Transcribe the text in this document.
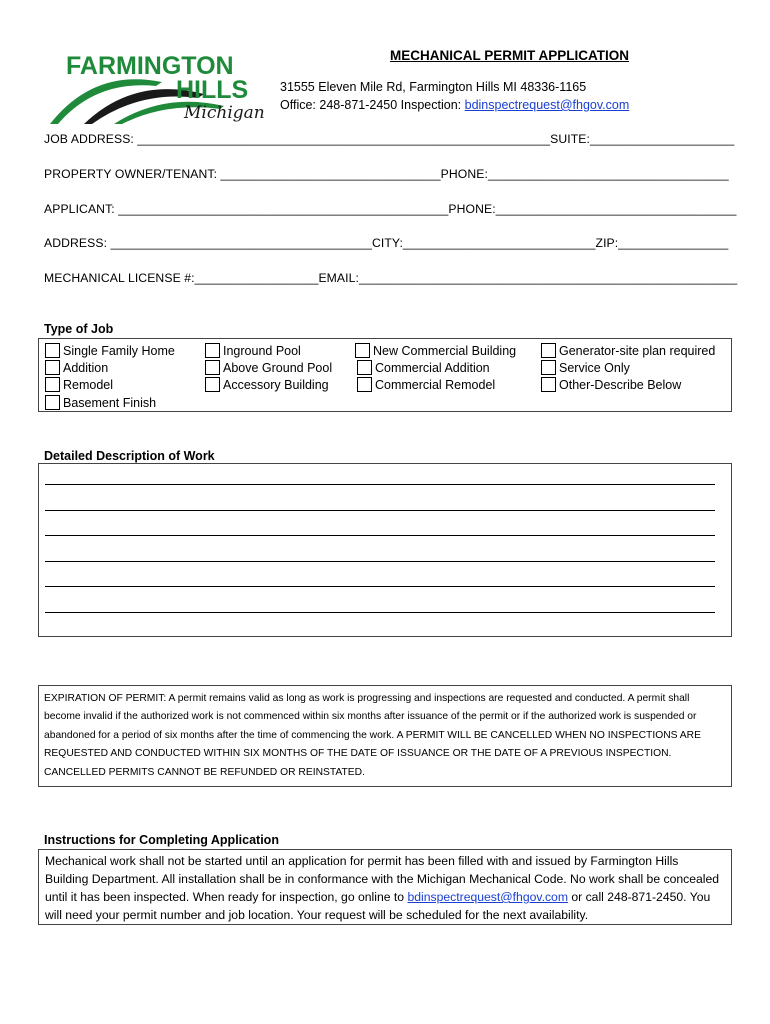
FARMINGTON
HILLS
Michigan
MECHANICAL PERMIT APPLICATION
31555 Eleven Mile Rd, Farmington Hills MI 48336-1165
Office: 248-871-2450 Inspection: bdinspectrequest@fhgov.com
JOB ADDRESS: ____________________________________________________________SUITE:_____________________
PROPERTY OWNER/TENANT: ________________________________PHONE:___________________________________
APPLICANT: ________________________________________________PHONE:___________________________________
ADDRESS: ______________________________________CITY:____________________________ZIP:________________
MECHANICAL LICENSE #:__________________EMAIL:_______________________________________________________
Type of Job
Single Family Home
Addition
Remodel
Basement Finish
Inground Pool
Above Ground Pool
Accessory Building
New Commercial Building
Commercial Addition
Commercial Remodel
Generator-site plan required
Service Only
Other-Describe Below
Detailed Description of Work
EXPIRATION OF PERMIT: A permit remains valid as long as work is progressing and inspections are requested and conducted. A permit shall become invalid if the authorized work is not commenced within six months after issuance of the permit or if the authorized work is suspended or abandoned for a period of six months after the time of commencing the work. A PERMIT WILL BE CANCELLED WHEN NO INSPECTIONS ARE REQUESTED AND CONDUCTED WITHIN SIX MONTHS OF THE DATE OF ISSUANCE OR THE DATE OF A PREVIOUS INSPECTION. CANCELLED PERMITS CANNOT BE REFUNDED OR REINSTATED.
Instructions for Completing Application
Mechanical work shall not be started until an application for permit has been filled with and issued by Farmington Hills Building Department. All installation shall be in conformance with the Michigan Mechanical Code. No work shall be concealed until it has been inspected. When ready for inspection, go online to bdinspectrequest@fhgov.com or call 248-871-2450. You will need your permit number and job location. Your request will be scheduled for the next availability.
